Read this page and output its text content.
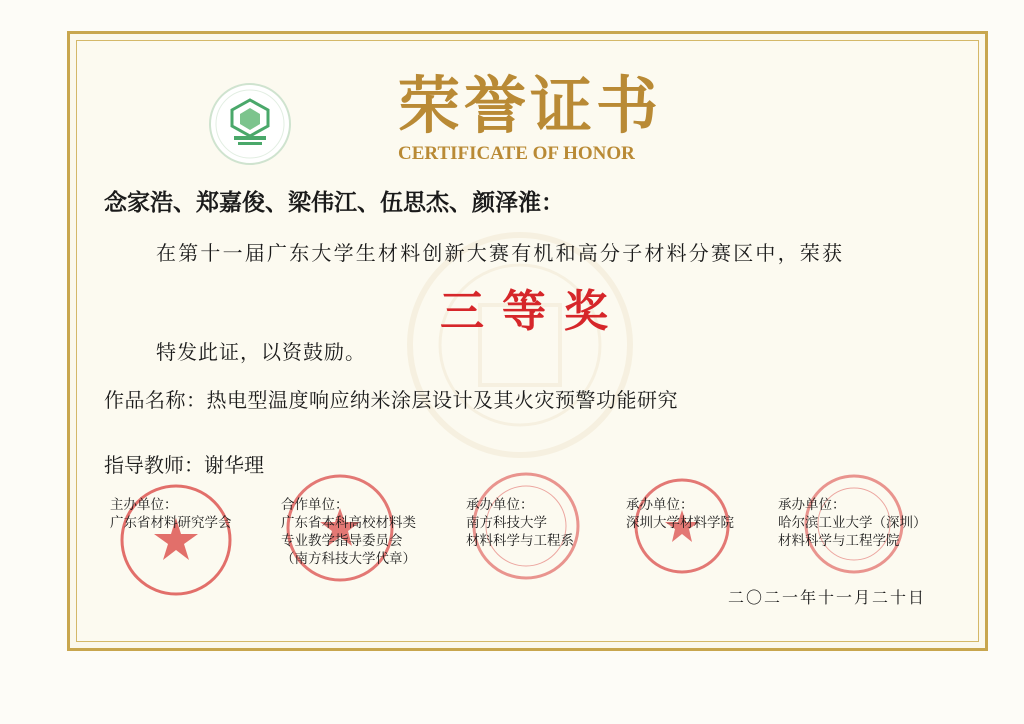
荣誉证书
CERTIFICATE OF HONOR
念家浩、郑嘉俊、梁伟江、伍思杰、颜泽淮：
在第十一届广东大学生材料创新大赛有机和高分子材料分赛区中，荣获
三等奖
特发此证，以资鼓励。
作品名称：热电型温度响应纳米涂层设计及其火灾预警功能研究
指导教师：谢华理
主办单位：
广东省材料研究学会
合作单位：
广东省本科高校材料类
专业教学指导委员会
（南方科技大学代章）
承办单位：
南方科技大学
材料科学与工程系
承办单位：
深圳大学材料学院
承办单位：
哈尔滨工业大学（深圳）
材料科学与工程学院
二〇二一年十一月二十日
